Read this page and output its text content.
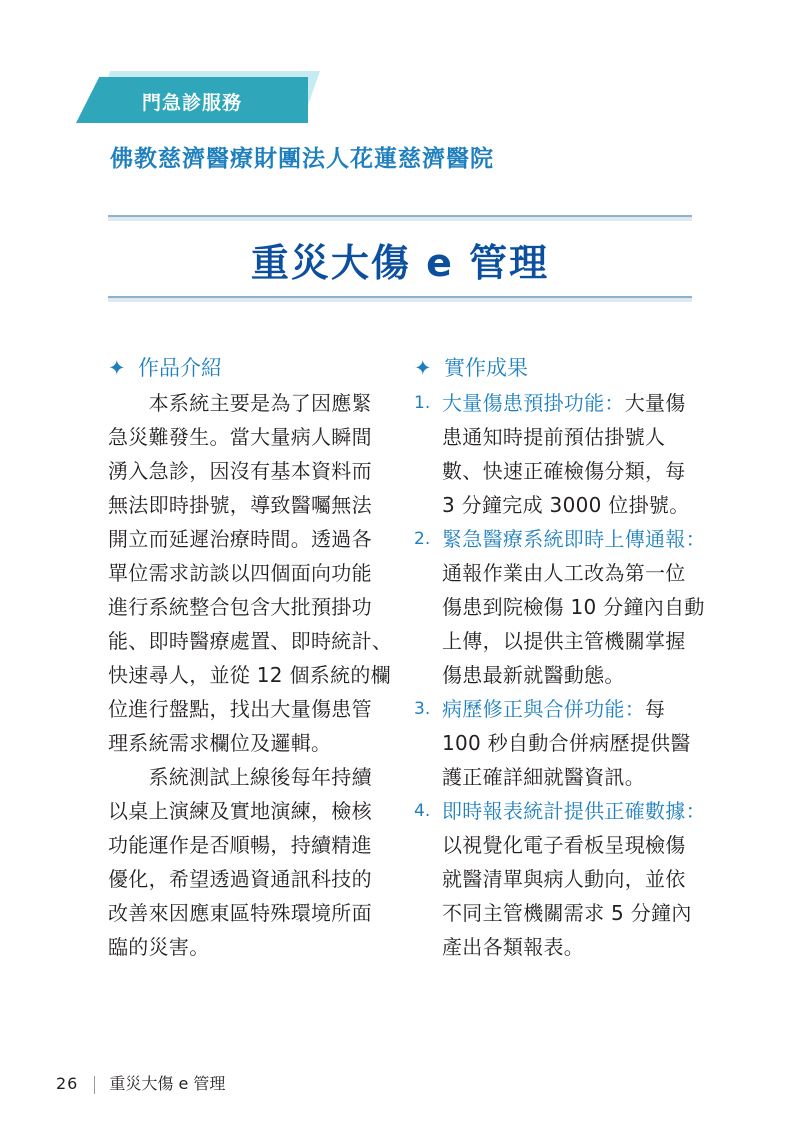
門急診服務
佛教慈濟醫療財團法人花蓮慈濟醫院
重災大傷 e 管理
✦ 作品介紹
　　本系統主要是為了因應緊
急災難發生。當大量病人瞬間
湧入急診，因沒有基本資料而
無法即時掛號，導致醫囑無法
開立而延遲治療時間。透過各
單位需求訪談以四個面向功能
進行系統整合包含大批預掛功
能、即時醫療處置、即時統計、
快速尋人，並從 12 個系統的欄
位進行盤點，找出大量傷患管
理系統需求欄位及邏輯。
　　系統測試上線後每年持續
以桌上演練及實地演練，檢核
功能運作是否順暢，持續精進
優化，希望透過資通訊科技的
改善來因應東區特殊環境所面
臨的災害。
✦ 實作成果
1. 大量傷患預掛功能：大量傷
患通知時提前預估掛號人
數、快速正確檢傷分類，每
3 分鐘完成 3000 位掛號。
2. 緊急醫療系統即時上傳通報：
通報作業由人工改為第一位
傷患到院檢傷 10 分鐘內自動
上傳，以提供主管機關掌握
傷患最新就醫動態。
3. 病歷修正與合併功能：每
100 秒自動合併病歷提供醫
護正確詳細就醫資訊。
4. 即時報表統計提供正確數據：
以視覺化電子看板呈現檢傷
就醫清單與病人動向，並依
不同主管機關需求 5 分鐘內
產出各類報表。
26 重災大傷 e 管理
